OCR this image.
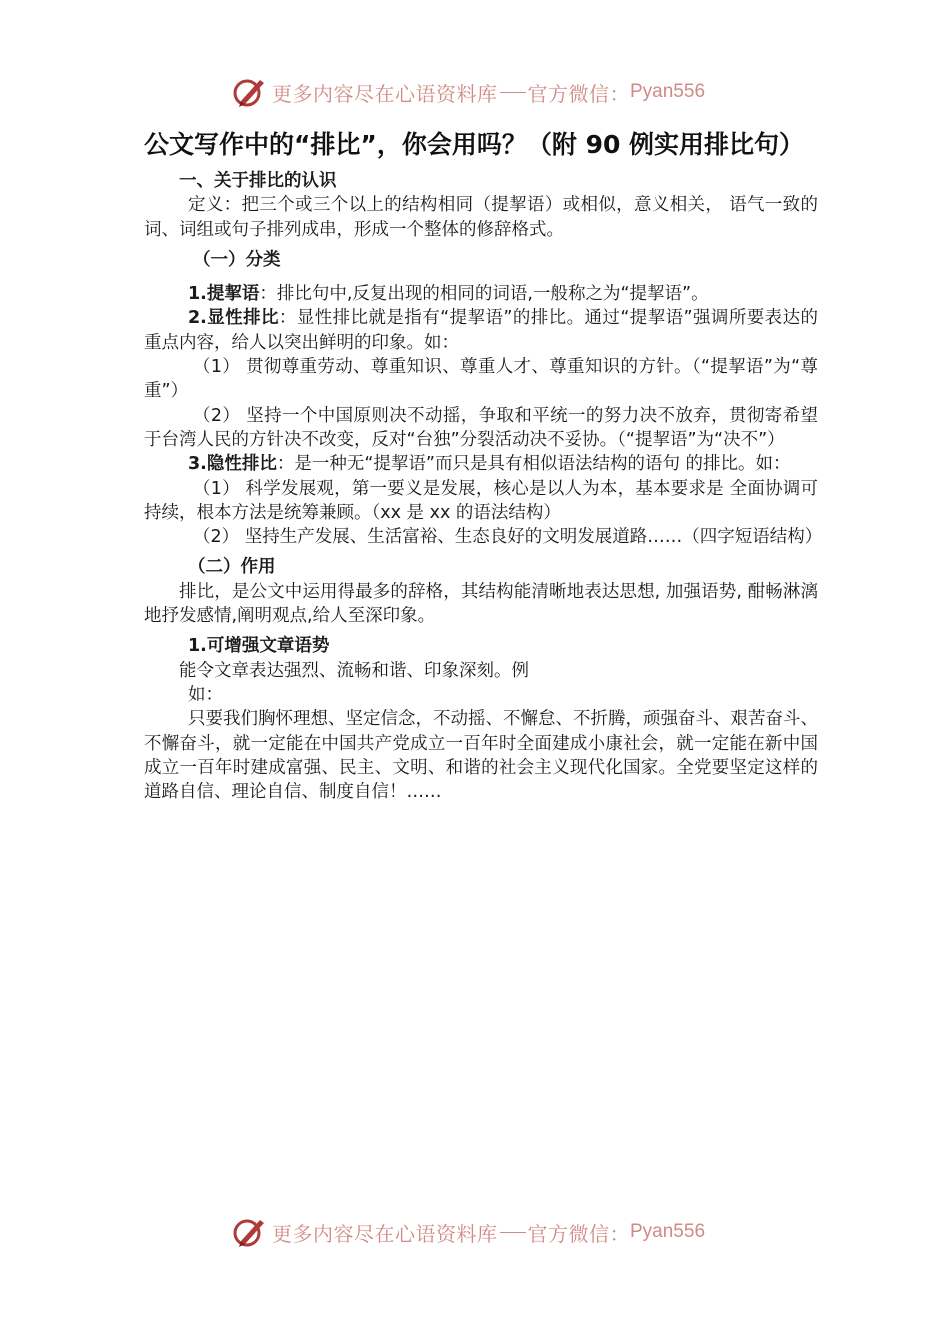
更多内容尽在心语资料库 官方微信： Pyan556
公文写作中的“排比”，你会用吗？（附 90 例实用排比句）
一、关于排比的认识
定义：把三个或三个以上的结构相同（提挈语）或相似，意义相关， 语气一致的词、词组或句子排列成串，形成一个整体的修辞格式。
（一）分类
1.提挈语：排比句中,反复出现的相同的词语,一般称之为“提挈语”。
2.显性排比：显性排比就是指有“提挈语”的排比。通过“提挈语”强调所要表达的重点内容，给人以突出鲜明的印象。如：
（1） 贯彻尊重劳动、尊重知识、尊重人才、尊重知识的方针。（“提挈语”为“尊重”）
（2） 坚持一个中国原则决不动摇，争取和平统一的努力决不放弃，贯彻寄希望于台湾人民的方针决不改变，反对“台独”分裂活动决不妥协。（“提挈语”为“决不”）
3.隐性排比：是一种无“提挈语”而只是具有相似语法结构的语句 的排比。如：
（1） 科学发展观，第一要义是发展，核心是以人为本，基本要求是 全面协调可持续，根本方法是统筹兼顾。（xx 是 xx 的语法结构）
（2） 坚持生产发展、生活富裕、生态良好的文明发展道路……（四字短语结构）
（二）作用
排比，是公文中运用得最多的辞格，其结构能清晰地表达思想, 加强语势, 酣畅淋漓地抒发感情,阐明观点,给人至深印象。
1.可增强文章语势
能令文章表达强烈、流畅和谐、印象深刻。例
如：
只要我们胸怀理想、坚定信念，不动摇、不懈怠、不折腾，顽强奋斗、艰苦奋斗、不懈奋斗，就一定能在中国共产党成立一百年时全面建成小康社会，就一定能在新中国成立一百年时建成富强、民主、文明、和谐的社会主义现代化国家。全党要坚定这样的道路自信、理论自信、制度自信！……
更多内容尽在心语资料库 官方微信： Pyan556
